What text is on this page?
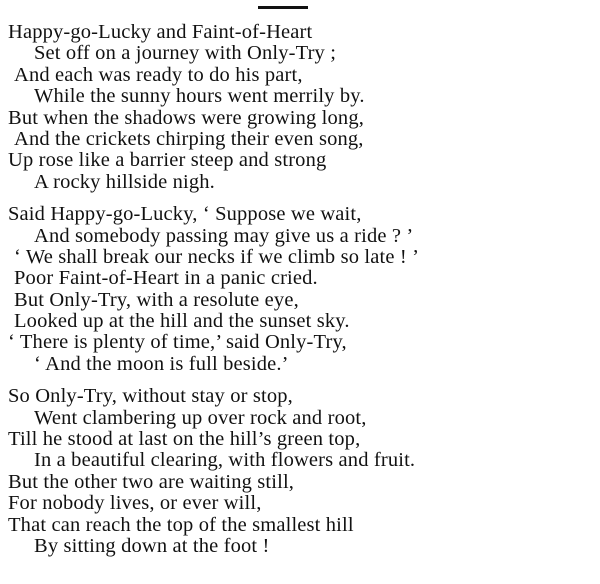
Happy-go-Lucky and Faint-of-Heart
Set off on a journey with Only-Try ;
And each was ready to do his part,
While the sunny hours went merrily by.
But when the shadows were growing long,
And the crickets chirping their even song,
Up rose like a barrier steep and strong
A rocky hillside nigh.
Said Happy-go-Lucky, ‘ Suppose we wait,
And somebody passing may give us a ride ? ’
‘ We shall break our necks if we climb so late ! ’
Poor Faint-of-Heart in a panic cried.
But Only-Try, with a resolute eye,
Looked up at the hill and the sunset sky.
‘ There is plenty of time,’ said Only-Try,
‘ And the moon is full beside.’
So Only-Try, without stay or stop,
Went clambering up over rock and root,
Till he stood at last on the hill’s green top,
In a beautiful clearing, with flowers and fruit.
But the other two are waiting still,
For nobody lives, or ever will,
That can reach the top of the smallest hill
By sitting down at the foot !
